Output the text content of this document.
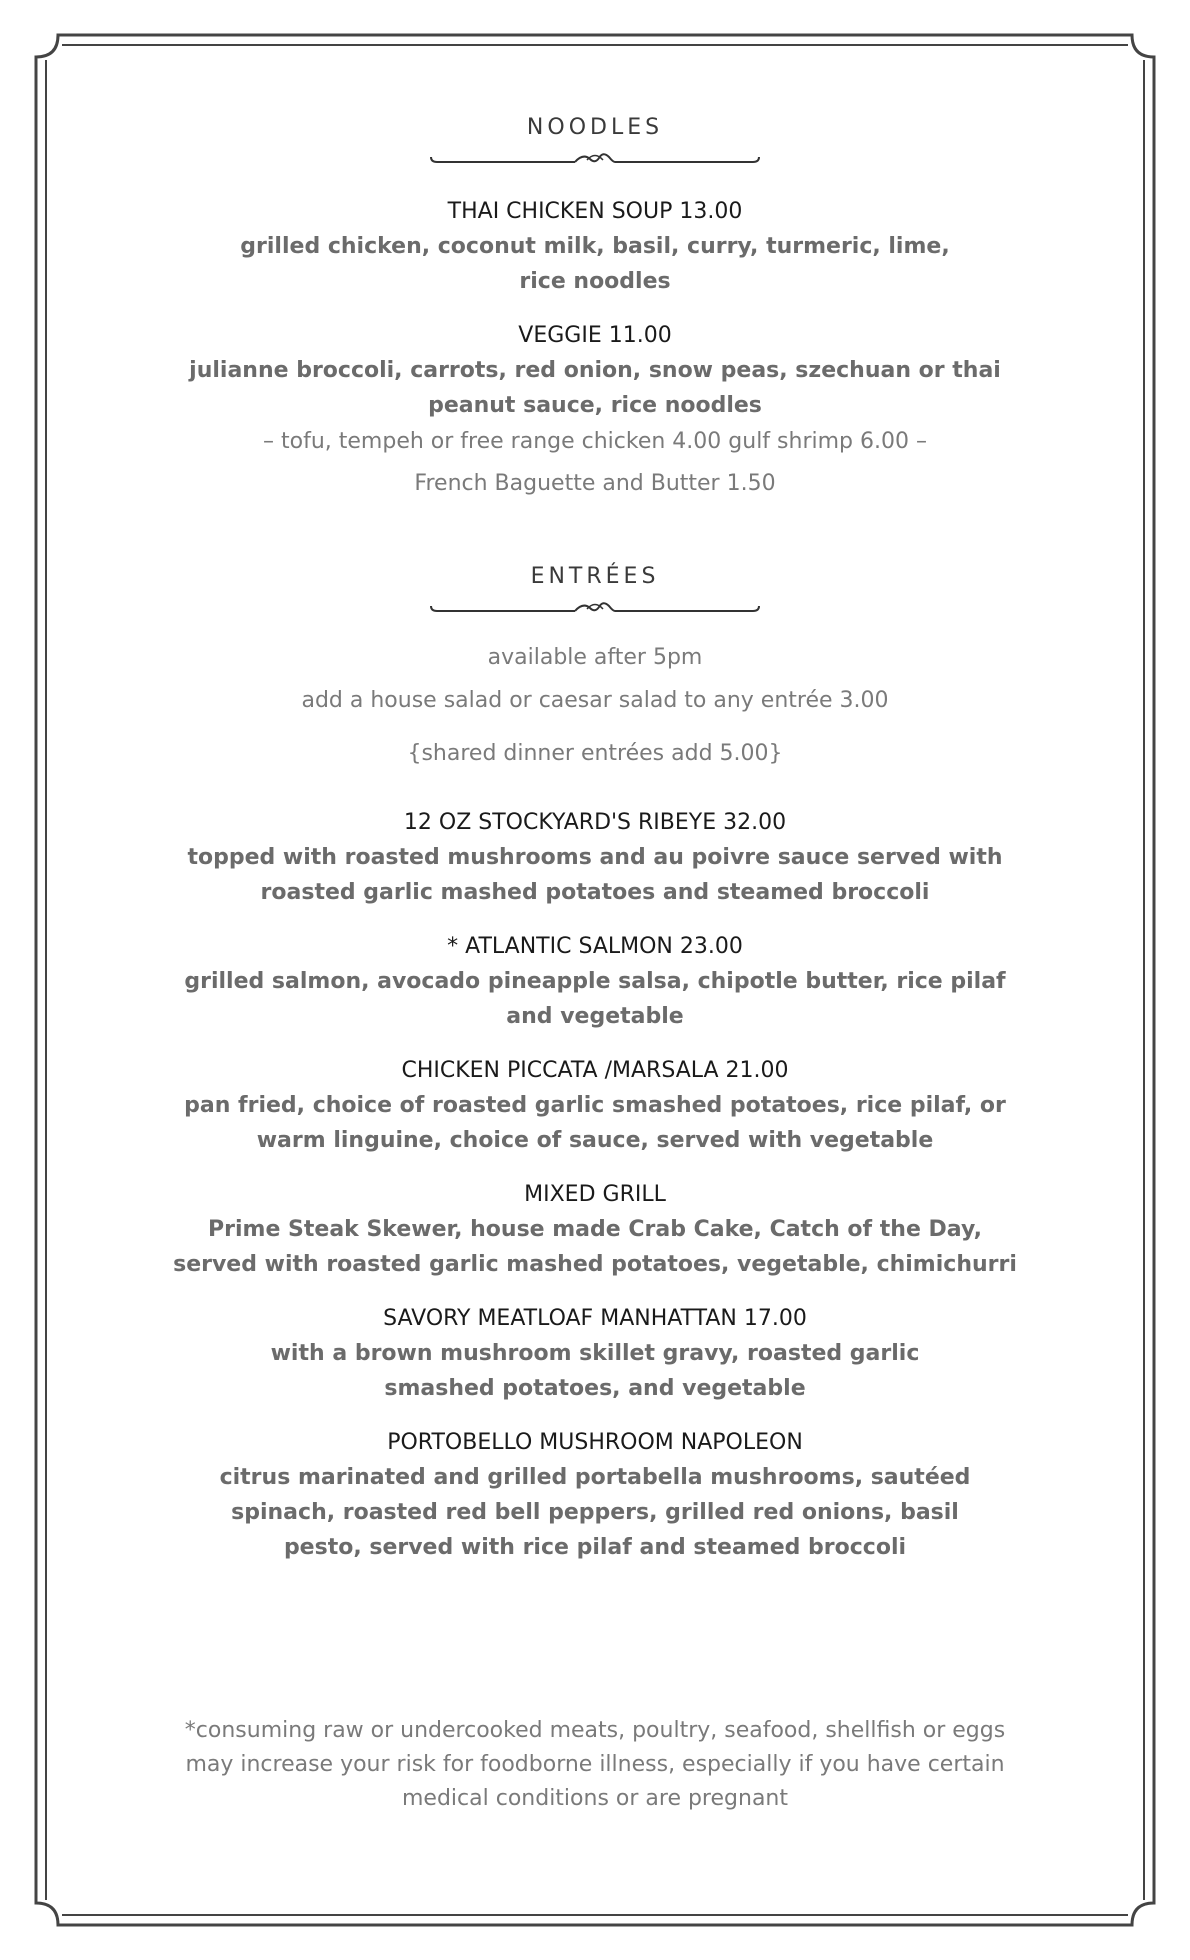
NOODLES
THAI CHICKEN SOUP 13.00
grilled chicken, coconut milk, basil, curry, turmeric, lime, rice noodles
VEGGIE 11.00
julianne broccoli, carrots, red onion, snow peas, szechuan or thai peanut sauce, rice noodles
– tofu, tempeh or free range chicken 4.00 gulf shrimp 6.00 –
French Baguette and Butter 1.50
ENTRÉES
available after 5pm
add a house salad or caesar salad to any entrée 3.00
{shared dinner entrées add 5.00}
12 OZ STOCKYARD'S RIBEYE 32.00
topped with roasted mushrooms and au poivre sauce served with roasted garlic mashed potatoes and steamed broccoli
* ATLANTIC SALMON 23.00
grilled salmon, avocado pineapple salsa, chipotle butter, rice pilaf and vegetable
CHICKEN PICCATA /MARSALA 21.00
pan fried, choice of roasted garlic smashed potatoes, rice pilaf, or warm linguine, choice of sauce, served with vegetable
MIXED GRILL
Prime Steak Skewer, house made Crab Cake, Catch of the Day, served with roasted garlic mashed potatoes, vegetable, chimichurri
SAVORY MEATLOAF MANHATTAN 17.00
with a brown mushroom skillet gravy, roasted garlic smashed potatoes, and vegetable
PORTOBELLO MUSHROOM NAPOLEON
citrus marinated and grilled portabella mushrooms, sautéed spinach, roasted red bell peppers, grilled red onions, basil pesto, served with rice pilaf and steamed broccoli
*consuming raw or undercooked meats, poultry, seafood, shellfish or eggs may increase your risk for foodborne illness, especially if you have certain medical conditions or are pregnant
